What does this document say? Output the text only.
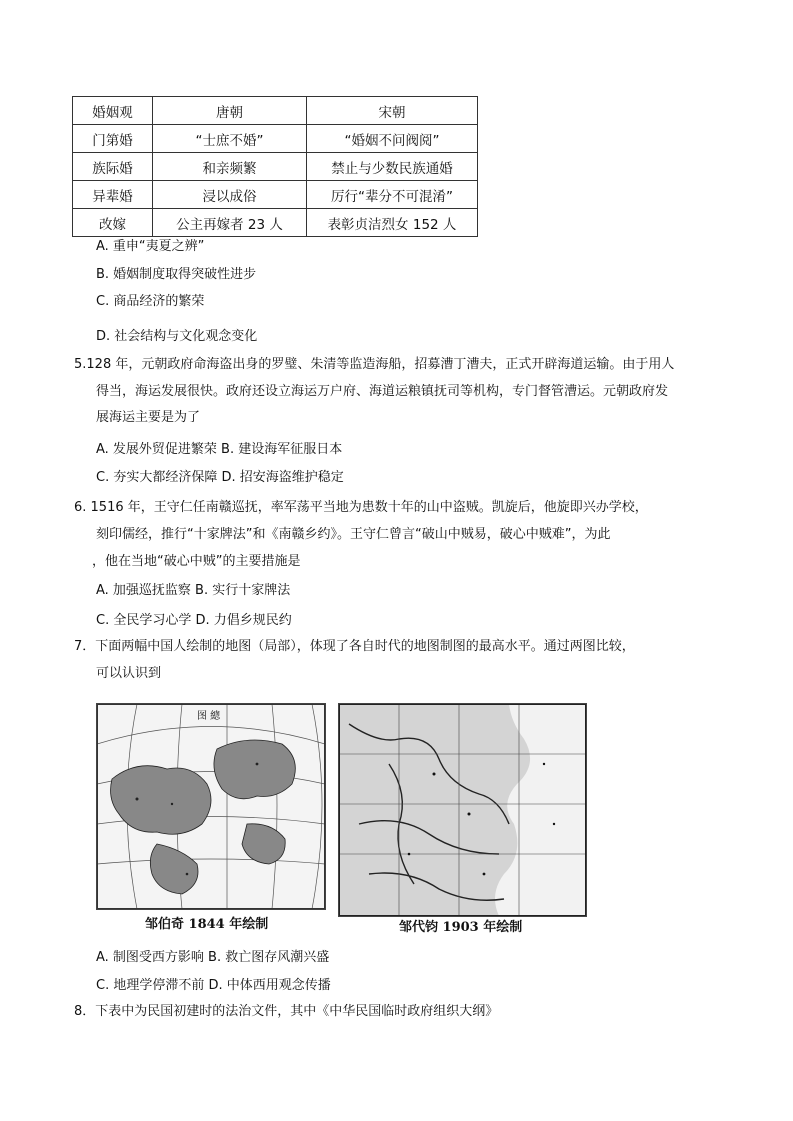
婚姻观	唐朝	宋朝
门第婚	“士庶不婚”	“婚姻不问阀阅”
族际婚	和亲频繁	禁止与少数民族通婚
异辈婚	浸以成俗	厉行“辈分不可混淆”
改嫁	公主再嫁者 23 人	表彰贞洁烈女 152 人
A. 重申“夷夏之辨”
B. 婚姻制度取得突破性进步
C. 商品经济的繁荣
D. 社会结构与文化观念变化
5.128 年，元朝政府命海盗出身的罗璧、朱清等监造海船，招募漕丁漕夫，正式开辟海道运输。由于用人
得当，海运发展很快。政府还设立海运万户府、海道运粮镇抚司等机构，专门督管漕运。元朝政府发
展海运主要是为了
A. 发展外贸促进繁荣 B. 建设海军征服日本
C. 夯实大都经济保障 D. 招安海盗维护稳定
6. 1516 年，王守仁任南赣巡抚，率军荡平当地为患数十年的山中盗贼。凯旋后，他旋即兴办学校，
刻印儒经，推行“十家牌法”和《南赣乡约》。王守仁曾言“破山中贼易，破心中贼难”，为此
，他在当地“破心中贼”的主要措施是
A. 加强巡抚监察 B. 实行十家牌法
C. 全民学习心学 D. 力倡乡规民约
7．下面两幅中国人绘制的地图（局部），体现了各自时代的地图制图的最高水平。通过两图比较，
可以认识到
图 總
邹伯奇 1844 年绘制	邹代钧 1903 年绘制
A. 制图受西方影响 B. 救亡图存风潮兴盛
C. 地理学停滞不前 D. 中体西用观念传播
8．下表中为民国初建时的法治文件，其中《中华民国临时政府组织大纲》
